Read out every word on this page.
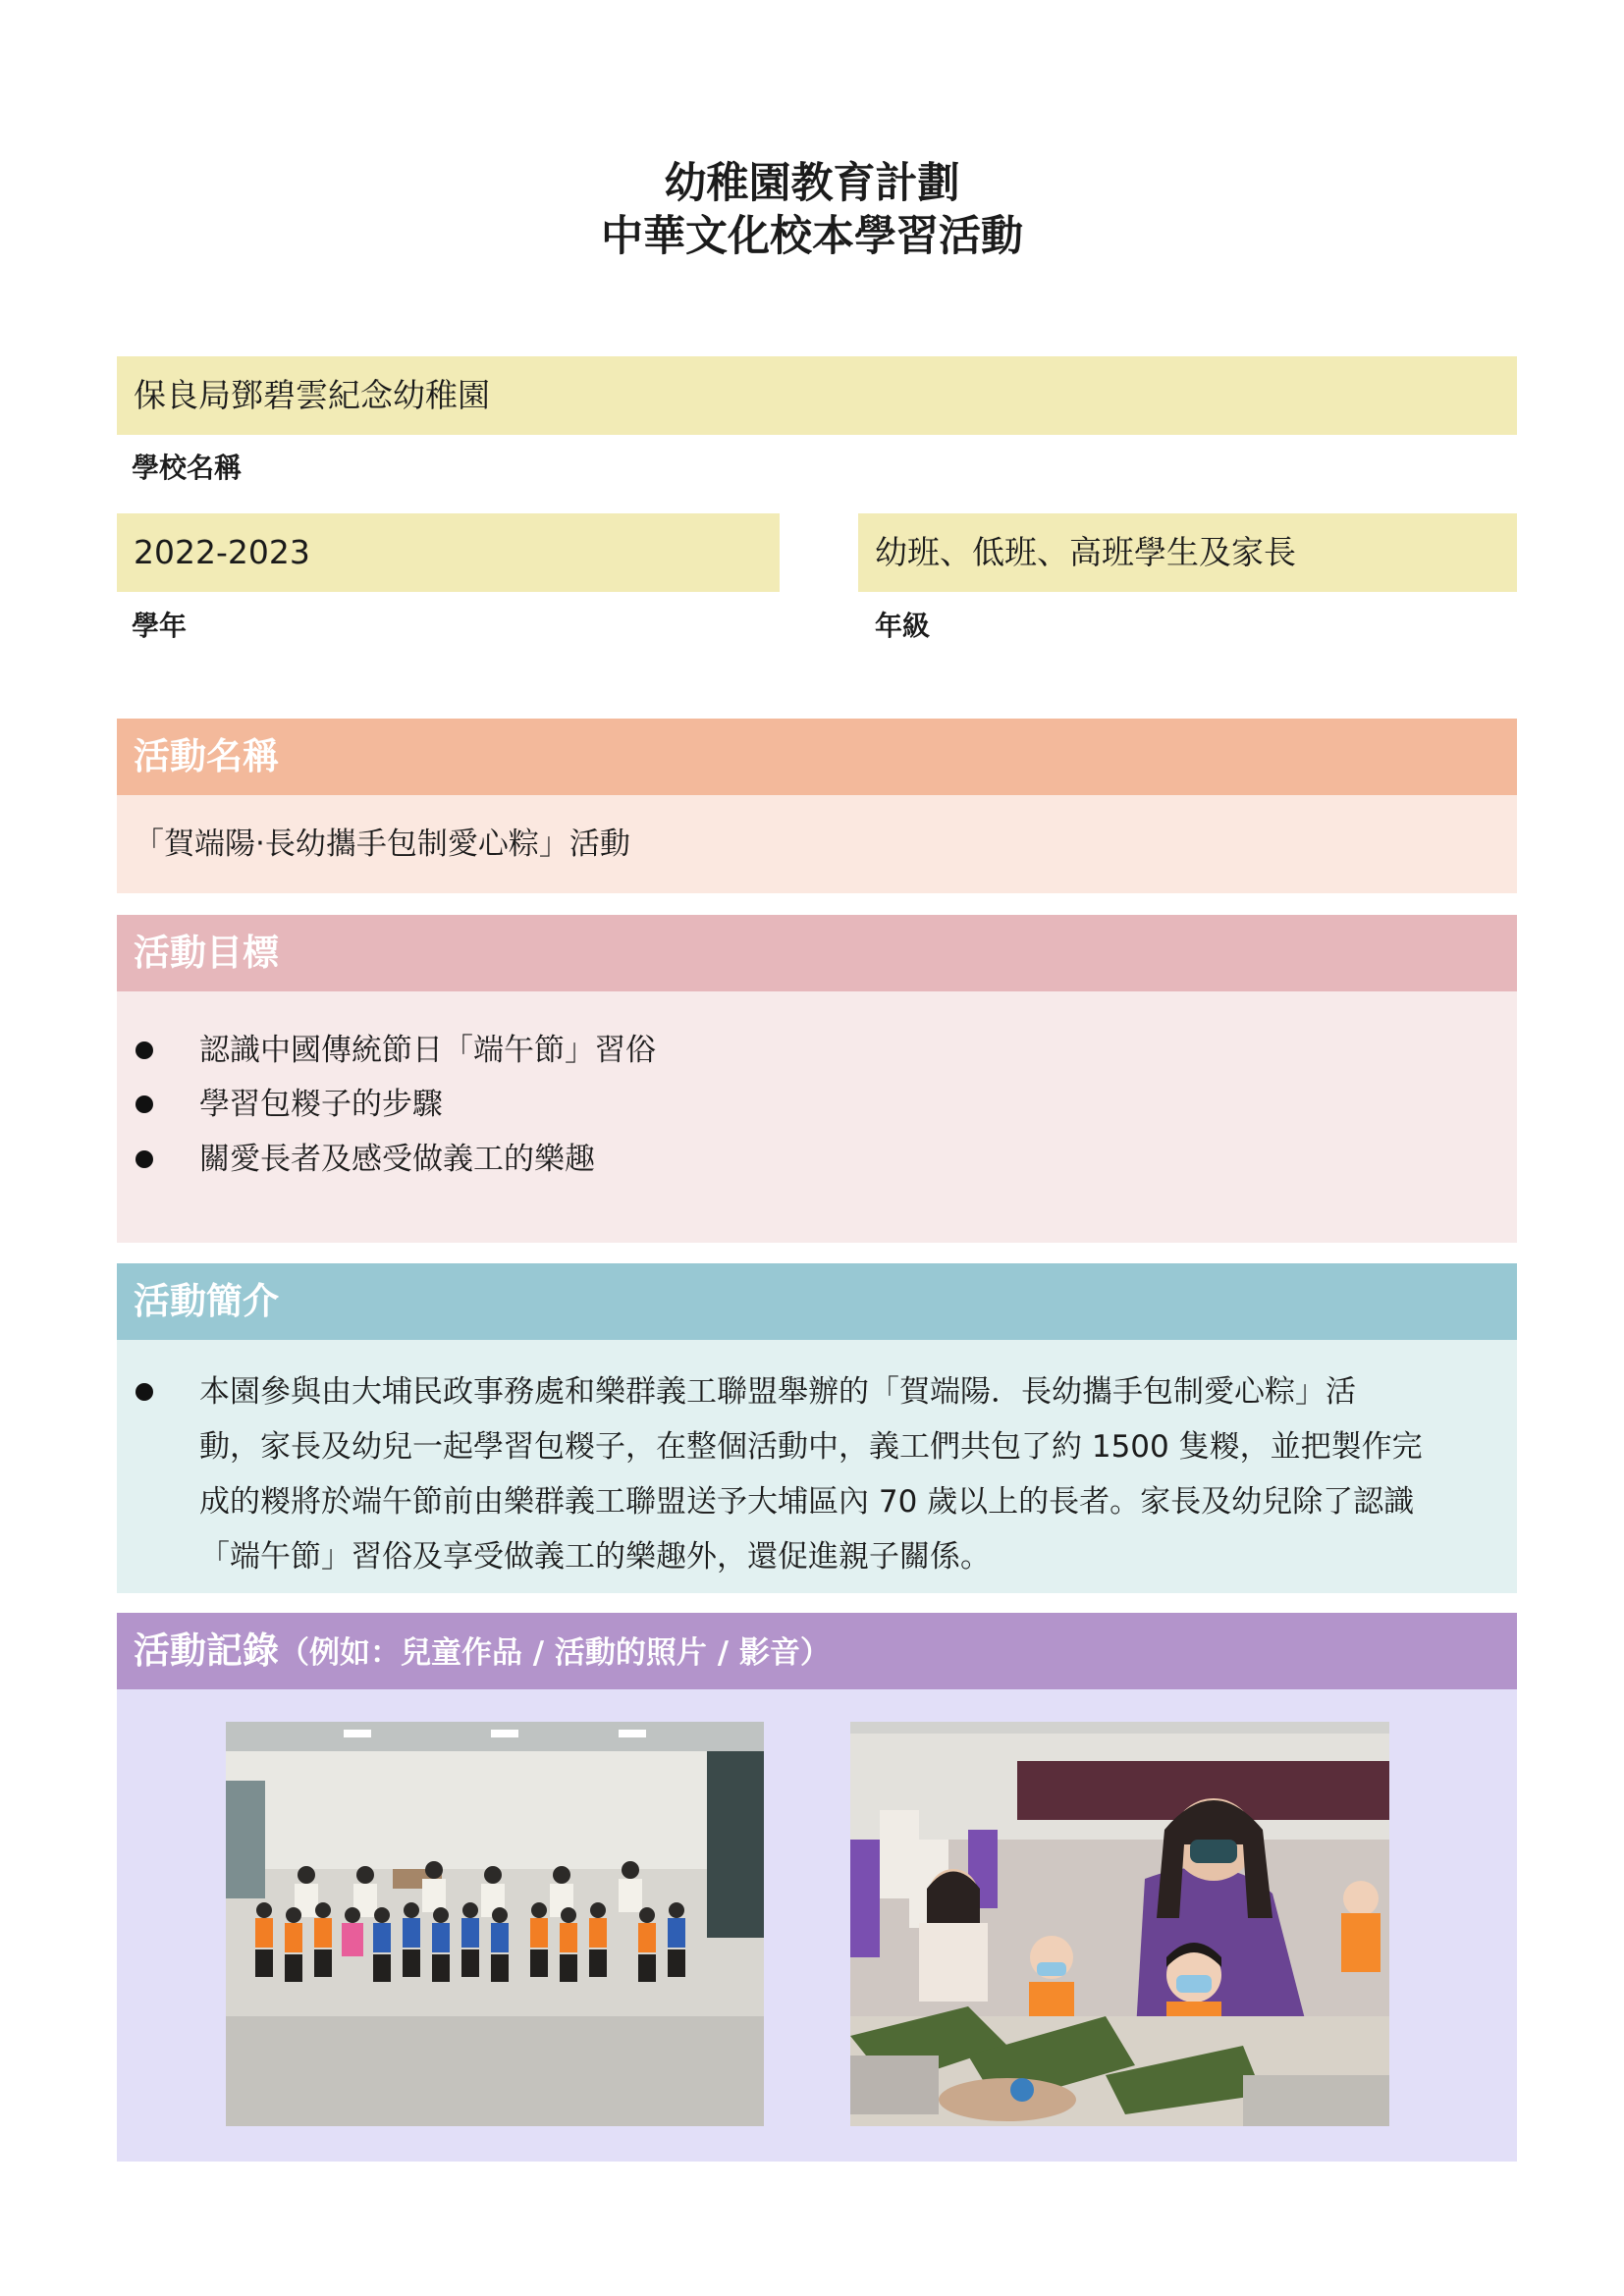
幼稚園教育計劃
中華文化校本學習活動
保良局鄧碧雲紀念幼稚園
學校名稱
2022-2023
學年
幼班、低班、高班學生及家長
年級
活動名稱
「賀端陽‧長幼攜手包制愛心粽」活動
活動目標
認識中國傳統節日「端午節」習俗
學習包糉子的步驟
關愛長者及感受做義工的樂趣
活動簡介
本園參與由大埔民政事務處和樂群義工聯盟舉辦的「賀端陽．長幼攜手包制愛心粽」活
動，家長及幼兒一起學習包糉子，在整個活動中，義工們共包了約 1500 隻糉，並把製作完
成的糉將於端午節前由樂群義工聯盟送予大埔區內 70 歲以上的長者。家長及幼兒除了認識
「端午節」習俗及享受做義工的樂趣外，還促進親子關係。
活動記錄（例如：兒童作品 / 活動的照片 / 影音）
